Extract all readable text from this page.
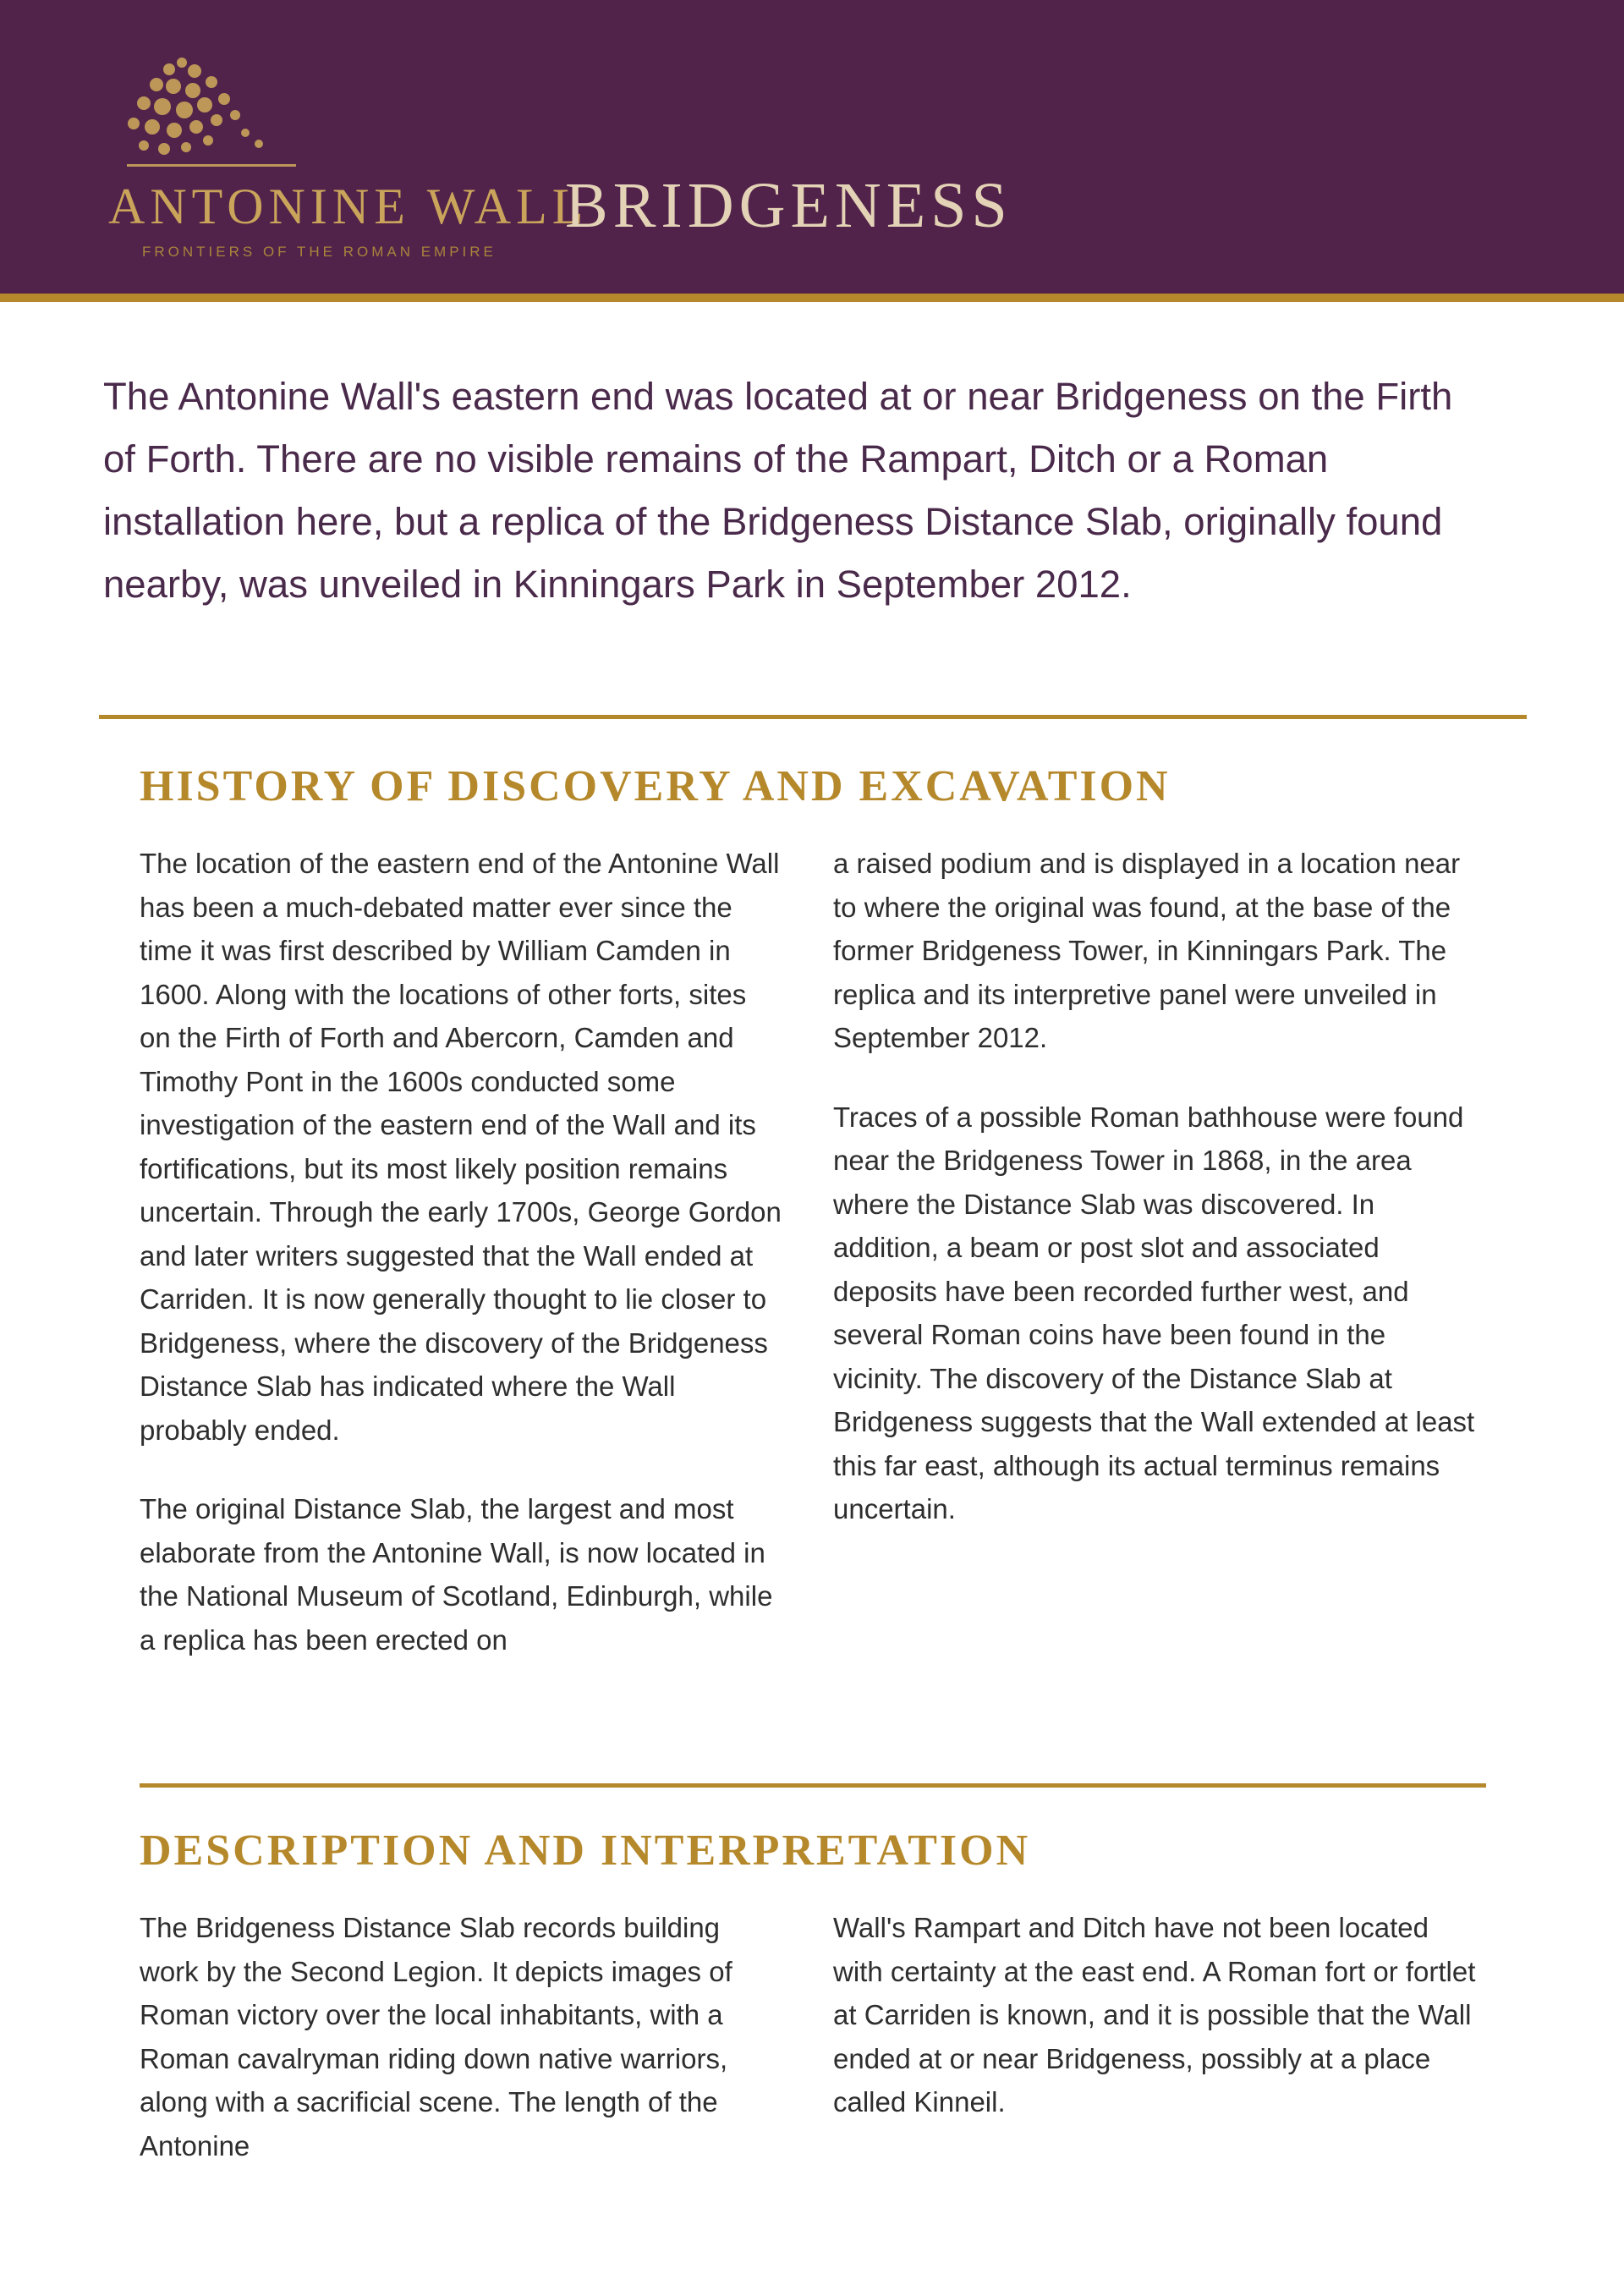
ANTONINE WALL
FRONTIERS OF THE ROMAN EMPIRE
BRIDGENESS

The Antonine Wall's eastern end was located at or near Bridgeness on the Firth of Forth. There are no visible remains of the Rampart, Ditch or a Roman installation here, but a replica of the Bridgeness Distance Slab, originally found nearby, was unveiled in Kinningars Park in September 2012.

HISTORY OF DISCOVERY AND EXCAVATION

The location of the eastern end of the Antonine Wall has been a much-debated matter ever since the time it was first described by William Camden in 1600. Along with the locations of other forts, sites on the Firth of Forth and Abercorn, Camden and Timothy Pont in the 1600s conducted some investigation of the eastern end of the Wall and its fortifications, but its most likely position remains uncertain. Through the early 1700s, George Gordon and later writers suggested that the Wall ended at Carriden. It is now generally thought to lie closer to Bridgeness, where the discovery of the Bridgeness Distance Slab has indicated where the Wall probably ended.

The original Distance Slab, the largest and most elaborate from the Antonine Wall, is now located in the National Museum of Scotland, Edinburgh, while a replica has been erected on

a raised podium and is displayed in a location near to where the original was found, at the base of the former Bridgeness Tower, in Kinningars Park. The replica and its interpretive panel were unveiled in September 2012.

Traces of a possible Roman bathhouse were found near the Bridgeness Tower in 1868, in the area where the Distance Slab was discovered. In addition, a beam or post slot and associated deposits have been recorded further west, and several Roman coins have been found in the vicinity. The discovery of the Distance Slab at Bridgeness suggests that the Wall extended at least this far east, although its actual terminus remains uncertain.

DESCRIPTION AND INTERPRETATION

The Bridgeness Distance Slab records building work by the Second Legion. It depicts images of Roman victory over the local inhabitants, with a Roman cavalryman riding down native warriors, along with a sacrificial scene. The length of the Antonine

Wall's Rampart and Ditch have not been located with certainty at the east end. A Roman fort or fortlet at Carriden is known, and it is possible that the Wall ended at or near Bridgeness, possibly at a place called Kinneil.
